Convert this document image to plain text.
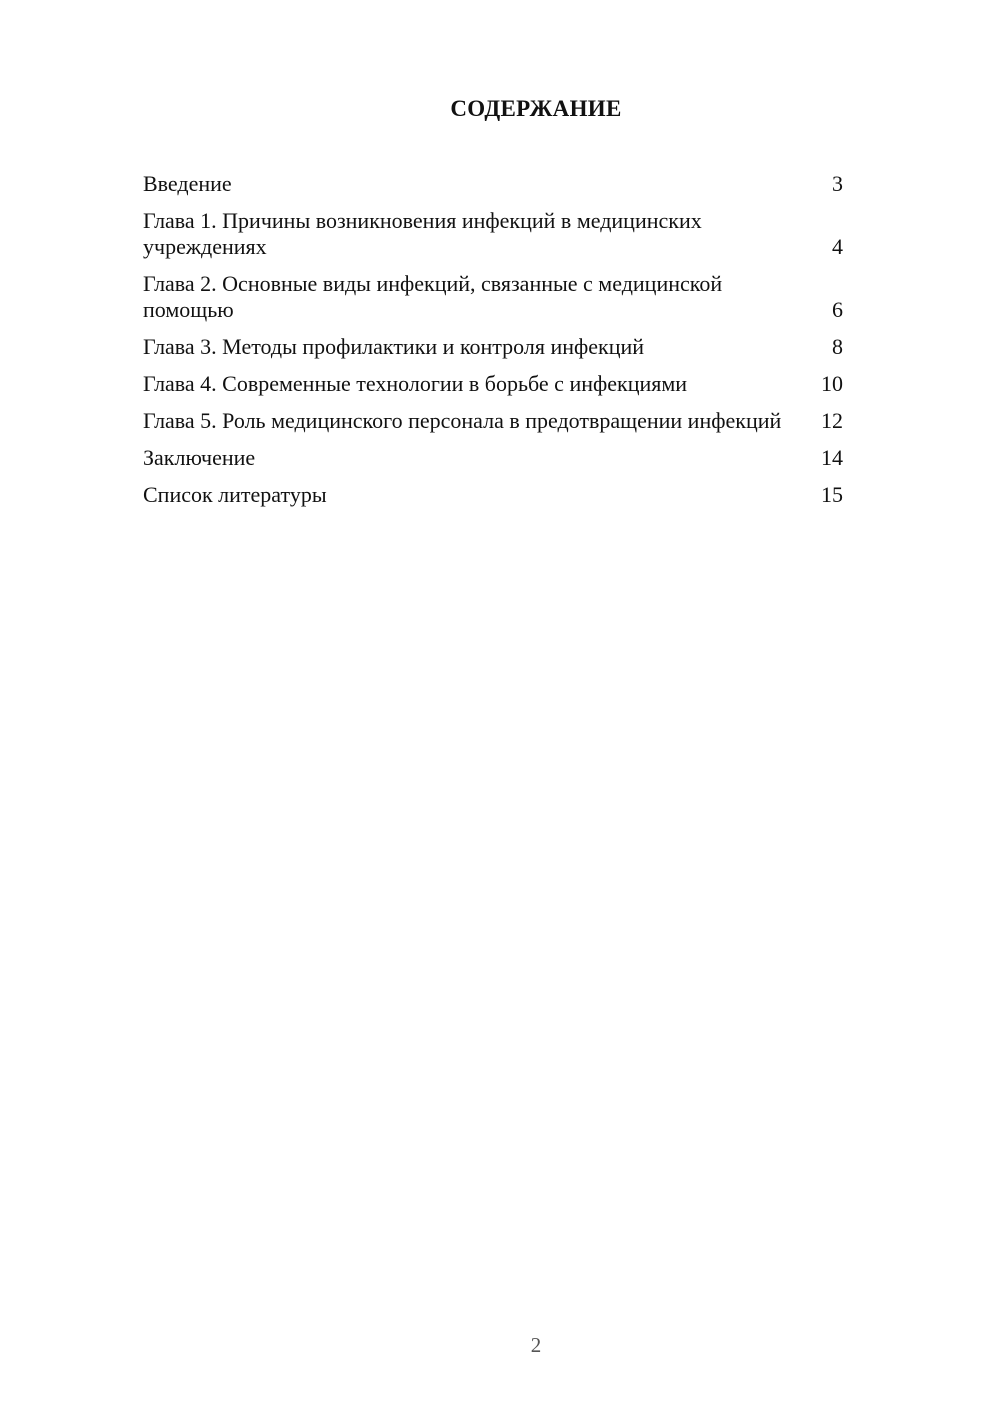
СОДЕРЖАНИЕ
Введение	3
Глава 1. Причины возникновения инфекций в медицинских учреждениях	4
Глава 2. Основные виды инфекций, связанные с медицинской помощью	6
Глава 3. Методы профилактики и контроля инфекций	8
Глава 4. Современные технологии в борьбе с инфекциями	10
Глава 5. Роль медицинского персонала в предотвращении инфекций	12
Заключение	14
Список литературы	15
2
